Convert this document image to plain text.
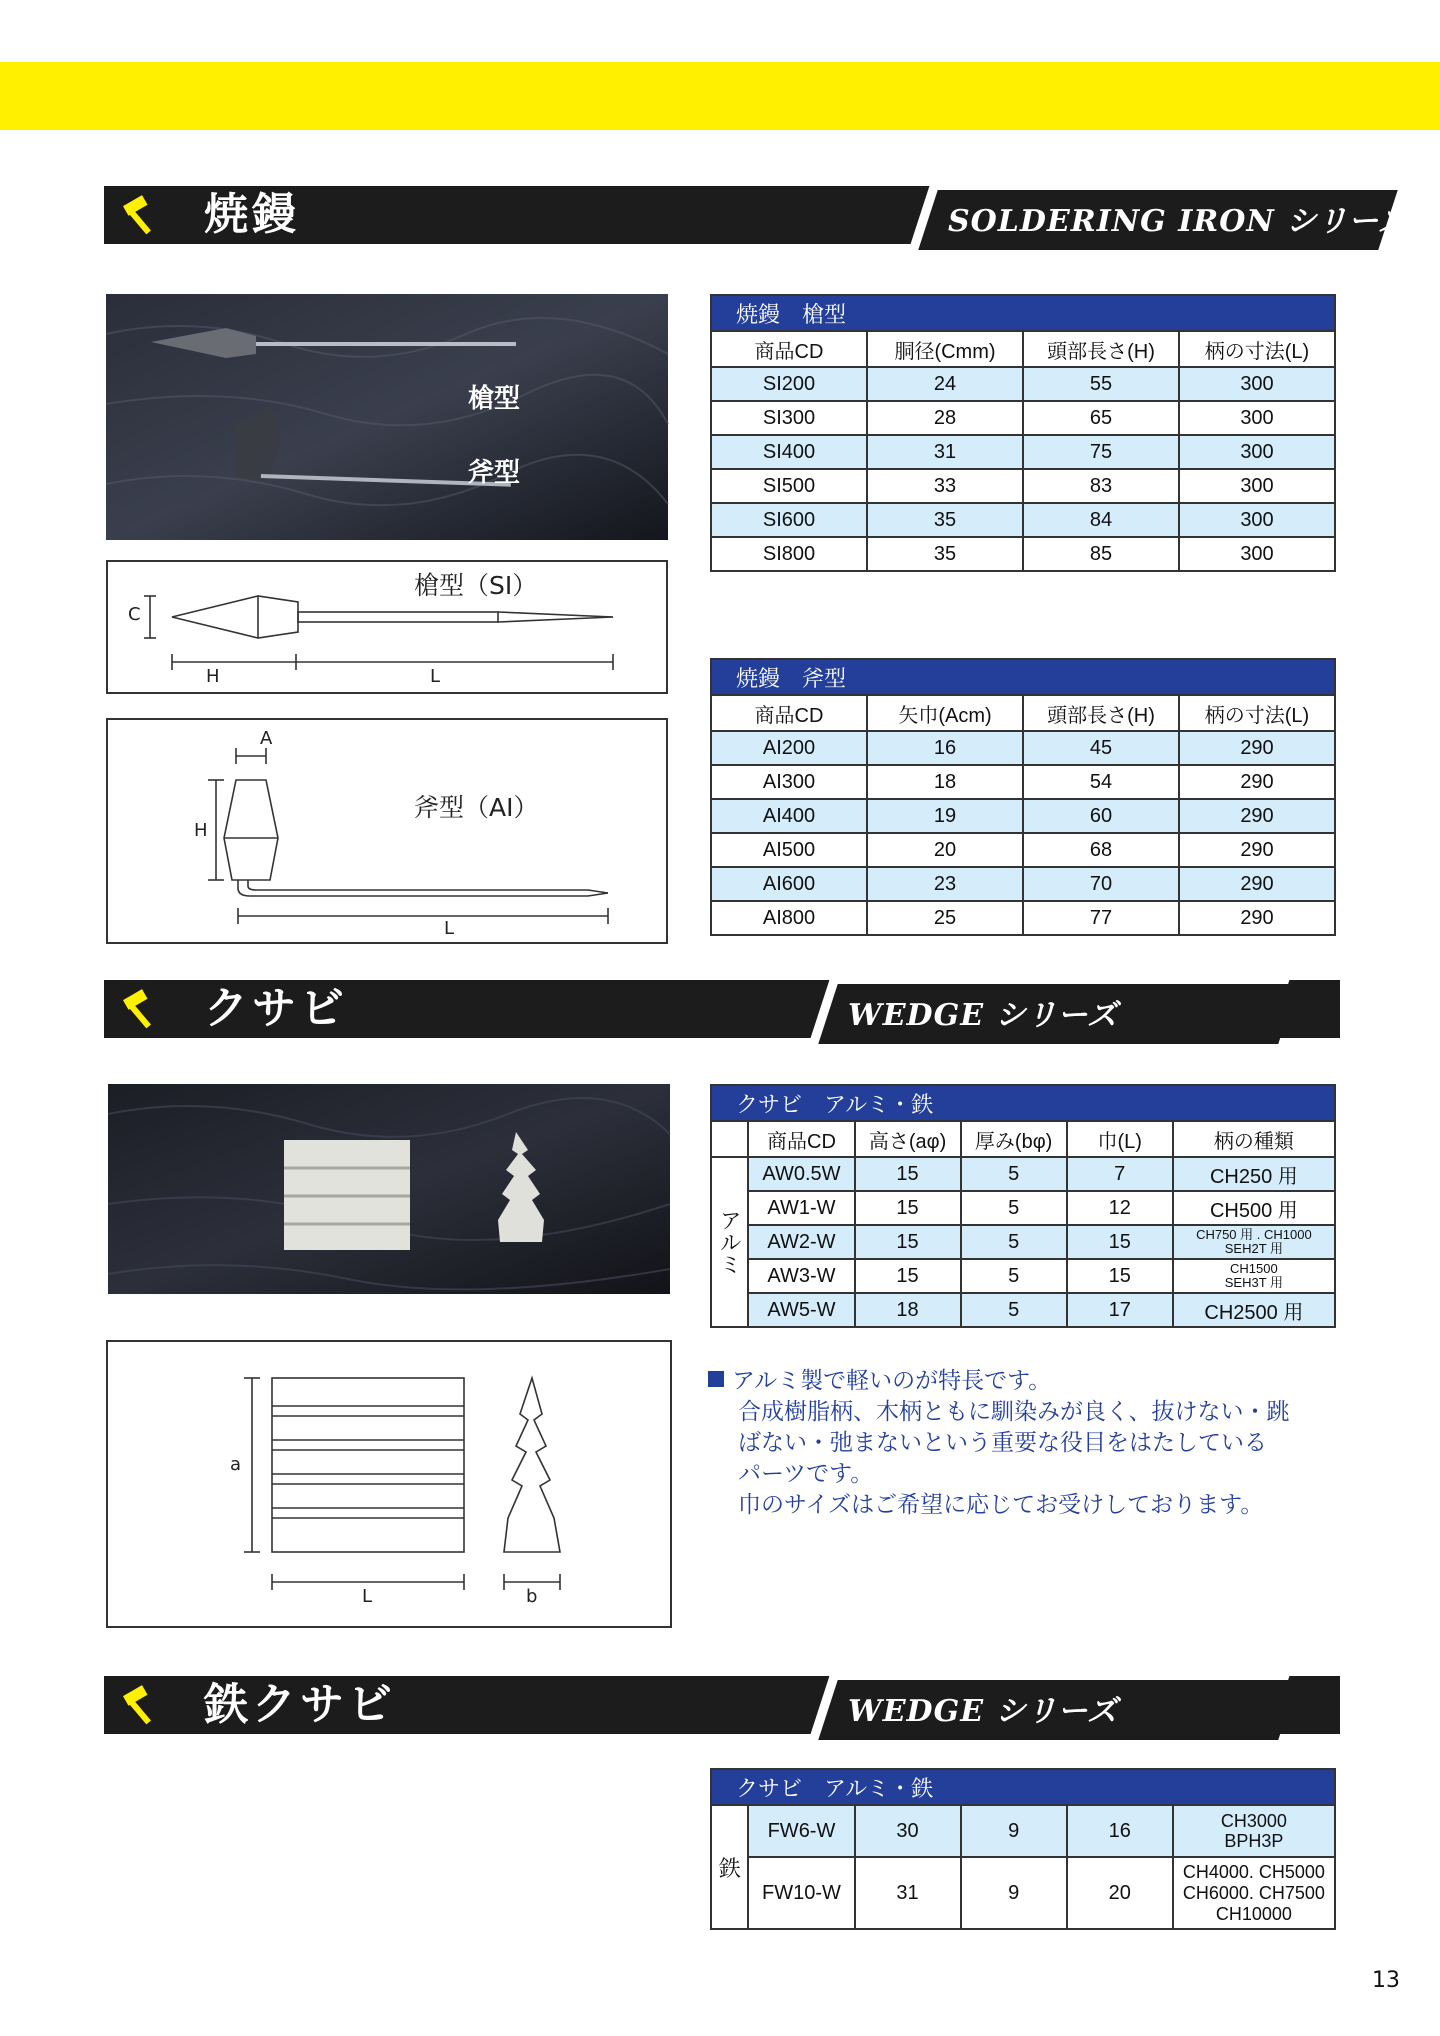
焼鏝	SOLDERING IRON シリーズ
槍型
斧型
槍型（SI）
C
H	L
斧型（AI）
A
H
L
焼鏝　槍型			
商品CD	胴径(Cmm)	頭部長さ(H)	柄の寸法(L)
SI200	24	55	300
SI300	28	65	300
SI400	31	75	300
SI500	33	83	300
SI600	35	84	300
SI800	35	85	300
焼鏝　斧型			
商品CD	矢巾(Acm)	頭部長さ(H)	柄の寸法(L)
AI200	16	45	290
AI300	18	54	290
AI400	19	60	290
AI500	20	68	290
AI600	23	70	290
AI800	25	77	290
クサビ	WEDGE シリーズ
a
L	b
クサビ　アルミ・鉄					
	商品CD	高さ(aφ)	厚み(bφ)	巾(L)	柄の種類
アルミ	AW0.5W	15	5	7	CH250 用
	AW1-W	15	5	12	CH500 用
	AW2-W	15	5	15	CH750 用 . CH1000
SEH2T 用
	AW3-W	15	5	15	CH1500
SEH3T 用
	AW5-W	18	5	17	CH2500 用
アルミ製で軽いのが特長です。
合成樹脂柄、木柄ともに馴染みが良く、抜けない・跳
ばない・弛まないという重要な役目をはたしている
パーツです。
巾のサイズはご希望に応じてお受けしております。
鉄クサビ	WEDGE シリーズ
クサビ　アルミ・鉄					
鉄	FW6-W	30	9	16	CH3000
BPH3P
	FW10-W	31	9	20	CH4000. CH5000
CH6000. CH7500
CH10000
13
